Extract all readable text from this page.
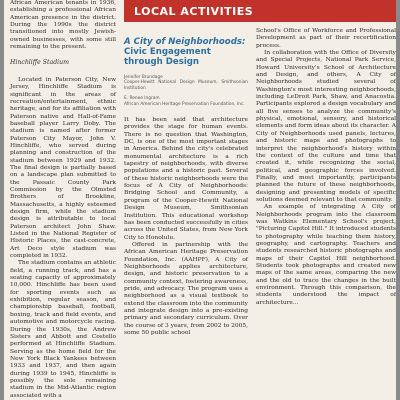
African American tenants in 1936, establishing a professional African American presence in the district. During the 1990s the district transitioned into mostly Jewish-owned businesses, with some still remaining to the present.

Hinchliffe Stadium

Located in Paterson City, New Jersey, Hinchliffe Stadium is significant in the areas of recreation/entertainment, ethnic heritage, and for its affiliation with Paterson native and Hall-of-Fame baseball player Larry Doby. The stadium is named after former Paterson City Mayor, John V. Hinchliffe, who served during planning and construction of the stadium between 1929 and 1932. The final design is partially based on a landscape plan submitted to the Passaic County Park Commission by the Olmsted Brothers of Brookline, Massachusetts, a highly esteemed design firm, while the stadium design is attributable to local Paterson architect John Shaw. Listed in the National Register of Historic Places, the cast-concrete, Art Deco style stadium was completed in 1932.

The stadium contains an athletic field, a running track, and has a seating capacity of approximately 10,000. Hinchliffe has been used for sporting events such as exhibition, regular season, and championship baseball, football, boxing, track and field events, and automotive and motorcycle racing. During the 1930s, the Andrew Sisters and Abbott and Costello performed at Hinchliffe Stadium. Serving as the home field for the New York Black Yankees between 1933 and 1937, and then again during 1939 to 1945, Hinchliffe is possibly the sole remaining stadium in the Mid-Atlantic region associated with a

LOCAL ACTIVITIES
A City of Neighborhoods:
Civic Engagement through Design

Jennifer Brundage

Cooper-Hewitt National Design Museum, Smithsonian Institution

E. Renee Ingram

African American Heritage Preservation Foundation, Inc.

It has been said that architecture provides the stage for human events. There is no question that Washington, DC, is one of the most important stages in America. Behind the city's celebrated monumental architecture is a rich tapestry of neighborhoods, with diverse populations and a historic past. Several of these historic neighborhoods were the focus of A City of Neighborhoods: Bridging School and Community, a program of the Cooper-Hewitt National Design Museum, Smithsonian Institution. This educational workshop has been conducted successfully in cities across the United States, from New York City to Honolulu.

Offered in partnership with the African American Heritage Preservation Foundation, Inc. (AAHPF), A City of Neighborhoods applies architecture, design, and historic preservation to a community context, fostering awareness, pride, and advocacy. The program uses a neighborhood as a visual textbook to extend the classroom into the community and integrate design into a pre-existing primary and secondary curriculum. Over the course of 3 years, from 2002 to 2005, some 50 public school

School's Office of Workforce and Professional Development as part of their recertification process.

In collaboration with the Office of Diversity and Special Projects, National Park Service, Howard University's School of Architecture and Design, and others, A City of Neighborhoods studied several of Washington's most interesting neighborhoods, including LeDroit Park, Shaw, and Anacostia. Participants explored a design vocabulary and all five senses to analyze the community's physical, emotional, sensory, and historical elements and form ideas about its character. A City of Neighborhoods used panels, lectures, and historic maps and photographs to interpret the neighborhood's history within the context of the culture and time that created it, while recognizing the social, political, and geographic forces involved. Finally, and most importantly, participants planned the future of these neighborhoods, designing and presenting models of specific solutions deemed relevant to that community.

An example of integrating A City of Neighborhoods program into the classroom was Watkins Elementary School's project, "Picturing Capitol Hill." It introduced students to photography while teaching them history, geography, and cartography. Teachers and students researched historic photographs and maps of their Capitol Hill neighborhood. Students took photographs and created new maps of the same areas, comparing the new and the old to trace the changes in the built environment. Through this comparison, the students understood the impact of architecture...
